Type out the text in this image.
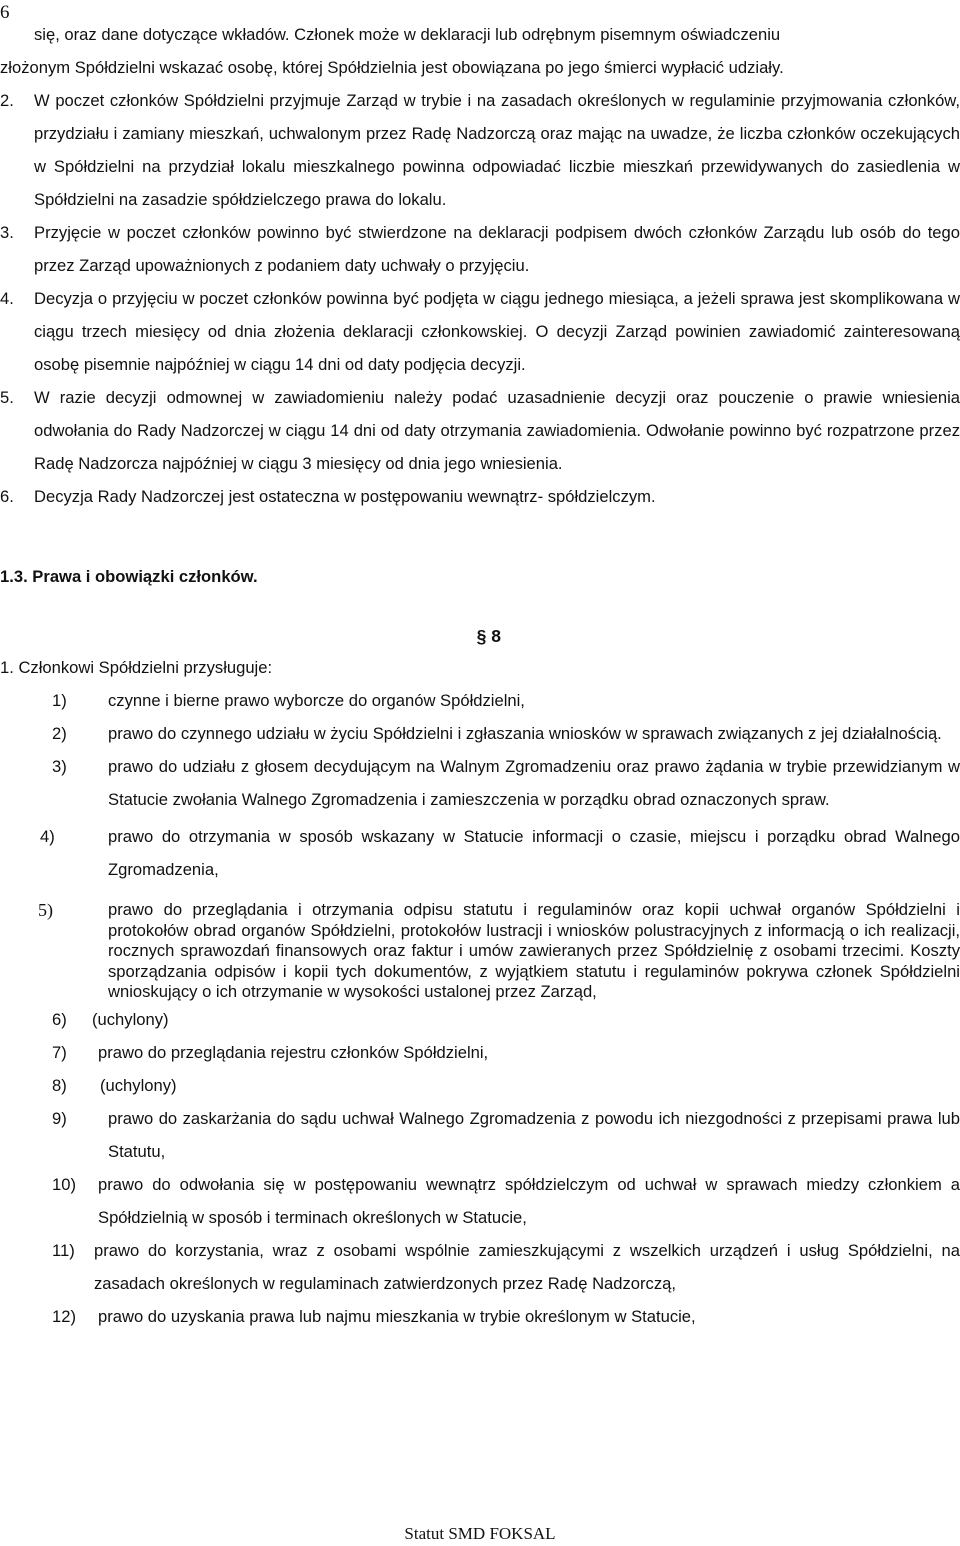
6

się, oraz dane dotyczące wkładów. Członek może w deklaracji lub odrębnym pisemnym oświadczeniu

złożonym Spółdzielni wskazać osobę, której Spółdzielnia jest obowiązana po jego śmierci wypłacić udziały.

2. W poczet członków Spółdzielni przyjmuje Zarząd w trybie i na zasadach określonych w regulaminie przyjmowania członków, przydziału i zamiany mieszkań, uchwalonym przez Radę Nadzorczą oraz mając na uwadze, że liczba członków oczekujących w Spółdzielni na przydział lokalu mieszkalnego powinna odpowiadać liczbie mieszkań przewidywanych do zasiedlenia w Spółdzielni na zasadzie spółdzielczego prawa do lokalu.
3. Przyjęcie w poczet członków powinno być stwierdzone na deklaracji podpisem dwóch członków Zarządu lub osób do tego przez Zarząd upoważnionych z podaniem daty uchwały o przyjęciu.
4. Decyzja o przyjęciu w poczet członków powinna być podjęta w ciągu jednego miesiąca, a jeżeli sprawa jest skomplikowana w ciągu trzech miesięcy od dnia złożenia deklaracji członkowskiej. O decyzji Zarząd powinien zawiadomić zainteresowaną osobę pisemnie najpóźniej w ciągu 14 dni od daty podjęcia decyzji.
5. W razie decyzji odmownej w zawiadomieniu należy podać uzasadnienie decyzji oraz pouczenie o prawie wniesienia odwołania do Rady Nadzorczej w ciągu 14 dni od daty otrzymania zawiadomienia. Odwołanie powinno być rozpatrzone przez Radę Nadzorcza najpóźniej w ciągu 3 miesięcy od dnia jego wniesienia.
6. Decyzja Rady Nadzorczej jest ostateczna w postępowaniu wewnątrz- spółdzielczym.
1.3. Prawa i obowiązki członków.
§ 8

1. Członkowi Spółdzielni przysługuje:

1) czynne i bierne prawo wyborcze do organów Spółdzielni,
2) prawo do czynnego udziału w życiu Spółdzielni i zgłaszania wniosków w sprawach związanych z jej działalnością.
3) prawo do udziału z głosem decydującym na Walnym Zgromadzeniu oraz prawo żądania w trybie przewidzianym w Statucie zwołania Walnego Zgromadzenia i zamieszczenia w porządku obrad oznaczonych spraw.
4)	prawo do otrzymania w sposób wskazany w Statucie informacji o czasie, miejscu i porządku obrad Walnego Zgromadzenia,
5)	prawo do przeglądania i otrzymania odpisu statutu i regulaminów oraz kopii uchwał organów Spółdzielni i protokołów obrad organów Spółdzielni, protokołów lustracji i wniosków polustracyjnych z informacją o ich realizacji, rocznych sprawozdań finansowych oraz faktur i umów zawieranych przez Spółdzielnię z osobami trzecimi. Koszty sporządzania odpisów i kopii tych dokumentów, z wyjątkiem statutu i regulaminów pokrywa członek Spółdzielni wnioskujący o ich otrzymanie w wysokości ustalonej przez Zarząd,
6) (uchylony)
7) prawo do przeglądania rejestru członków Spółdzielni,
8) (uchylony)
9) prawo do zaskarżania do sądu uchwał Walnego Zgromadzenia z powodu ich niezgodności z przepisami prawa lub Statutu,
10) prawo do odwołania się w postępowaniu wewnątrz spółdzielczym od uchwał w sprawach miedzy członkiem a Spółdzielnią w sposób i terminach określonych w Statucie,
11) prawo do korzystania, wraz z osobami wspólnie zamieszkującymi z wszelkich urządzeń i usług Spółdzielni, na zasadach określonych w regulaminach zatwierdzonych przez Radę Nadzorczą,
12) prawo do uzyskania prawa lub najmu mieszkania w trybie określonym w Statucie,
Statut SMD FOKSAL
